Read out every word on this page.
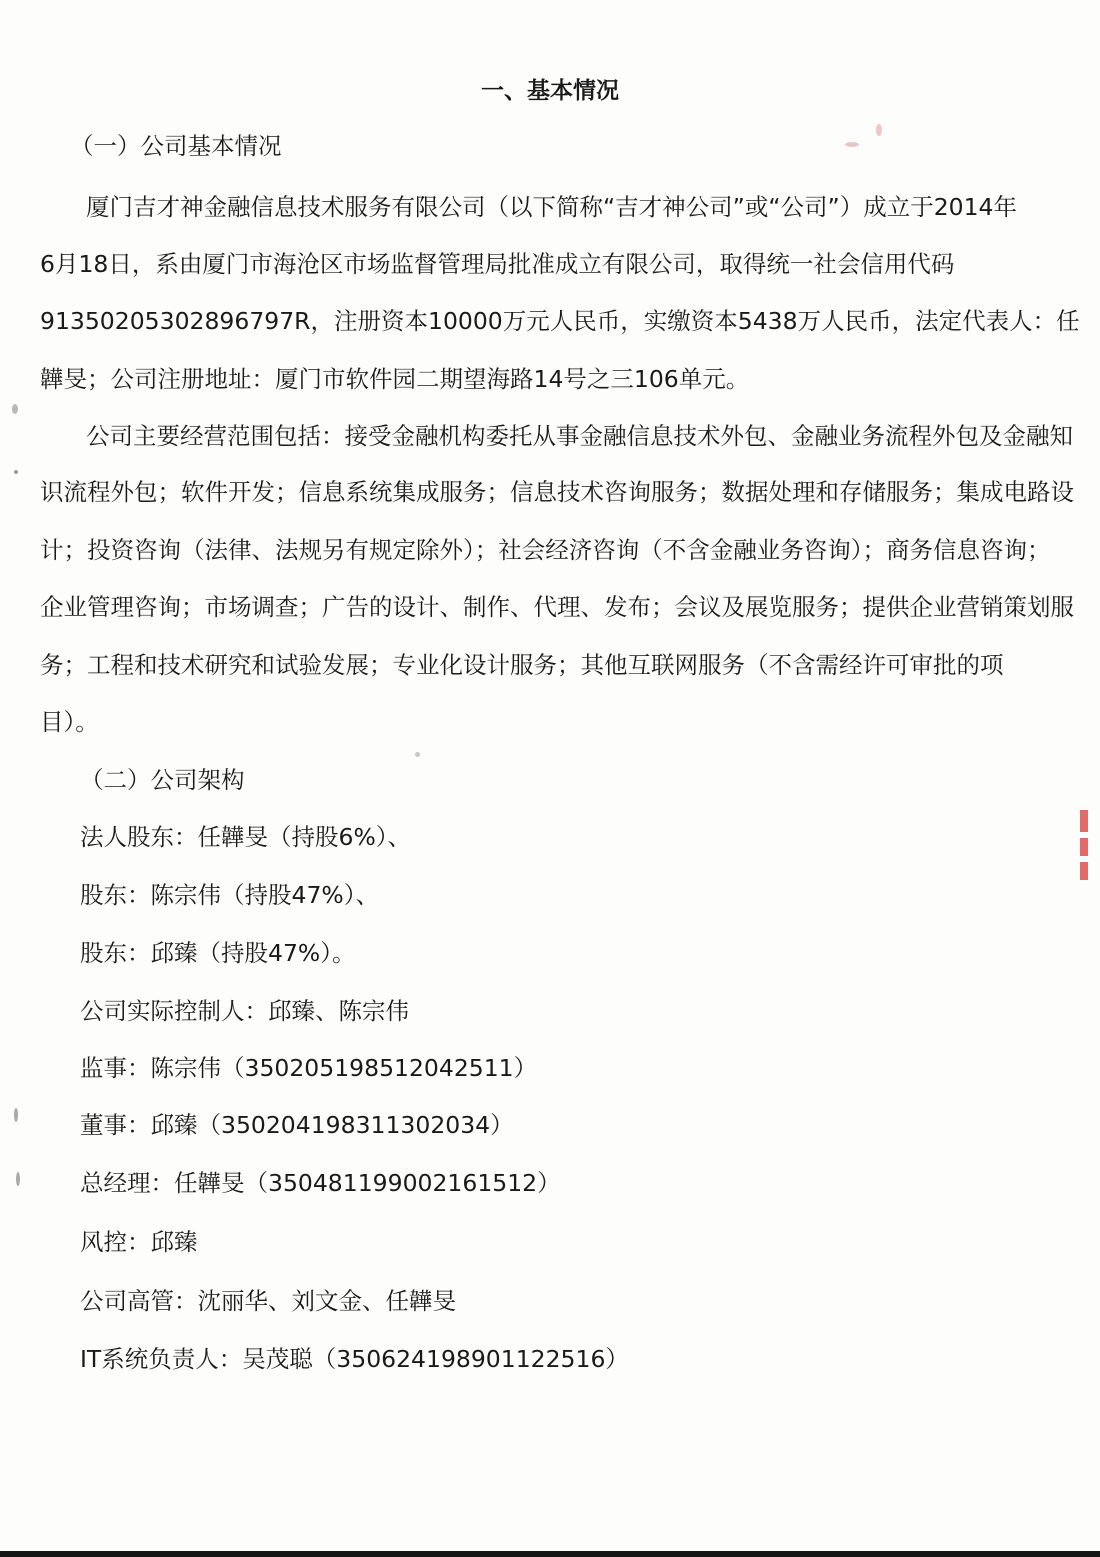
一、基本情况
（一）公司基本情况
厦门吉才神金融信息技术服务有限公司（以下简称“吉才神公司”或“公司”）成立于2014年
6月18日，系由厦门市海沧区市场监督管理局批准成立有限公司，取得统一社会信用代码
91350205302896797R，注册资本10000万元人民币，实缴资本5438万人民币，法定代表人：任
韡旻；公司注册地址：厦门市软件园二期望海路14号之三106单元。
公司主要经营范围包括：接受金融机构委托从事金融信息技术外包、金融业务流程外包及金融知
识流程外包；软件开发；信息系统集成服务；信息技术咨询服务；数据处理和存储服务；集成电路设
计；投资咨询（法律、法规另有规定除外）；社会经济咨询（不含金融业务咨询）；商务信息咨询；
企业管理咨询；市场调查；广告的设计、制作、代理、发布；会议及展览服务；提供企业营销策划服
务；工程和技术研究和试验发展；专业化设计服务；其他互联网服务（不含需经许可审批的项
目）。
（二）公司架构
法人股东：任韡旻（持股6%）、
股东：陈宗伟（持股47%）、
股东：邱臻（持股47%）。
公司实际控制人：邱臻、陈宗伟
监事：陈宗伟（350205198512042511）
董事：邱臻（350204198311302034）
总经理：任韡旻（350481199002161512）
风控：邱臻
公司高管：沈丽华、刘文金、任韡旻
IT系统负责人：吴茂聪（350624198901122516）
